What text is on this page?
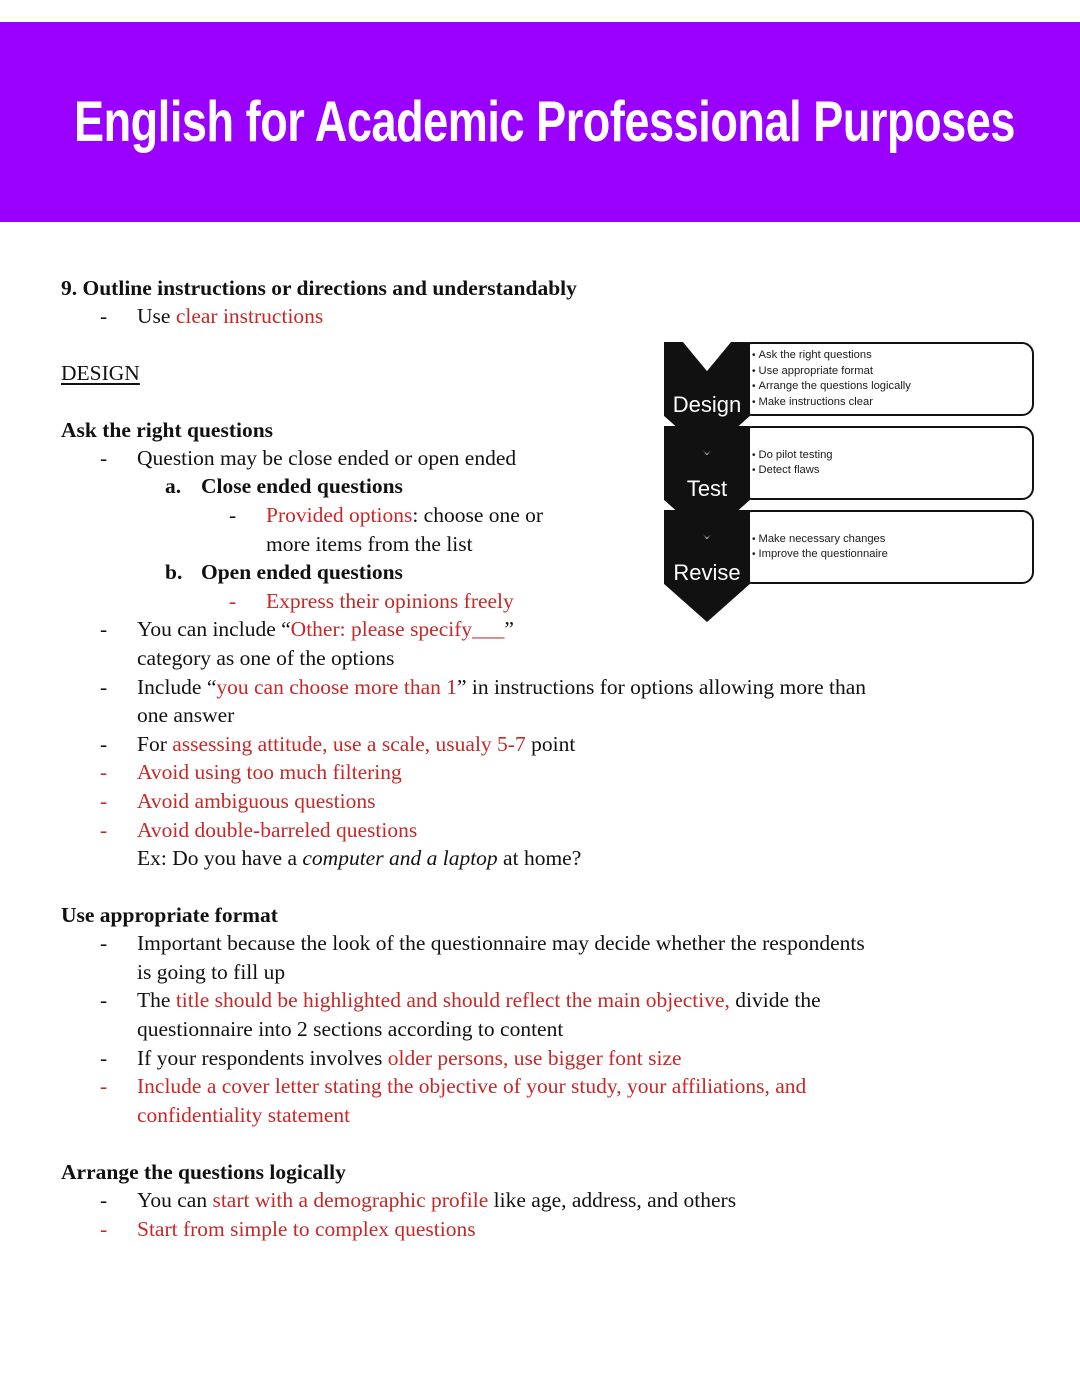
English for Academic Professional Purposes
• Ask the right questions
• Use appropriate format
• Arrange the questions logically
• Make instructions clear
Design
• Do pilot testing
• Detect flaws
Test
• Make necessary changes
• Improve the questionnaire
Revise
9. Outline instructions or directions and understandably
- Use clear instructions
DESIGN
Ask the right questions
- Question may be close ended or open ended
a. Close ended questions
- Provided options: choose one or
more items from the list
b. Open ended questions
- Express their opinions freely
- You can include “Other: please specify___”
category as one of the options
- Include “you can choose more than 1” in instructions for options allowing more than
one answer
- For assessing attitude, use a scale, usualy 5-7 point
- Avoid using too much filtering
- Avoid ambiguous questions
- Avoid double-barreled questions
Ex: Do you have a computer and a laptop at home?
Use appropriate format
- Important because the look of the questionnaire may decide whether the respondents
is going to fill up
- The title should be highlighted and should reflect the main objective, divide the
questionnaire into 2 sections according to content
- If your respondents involves older persons, use bigger font size
- Include a cover letter stating the objective of your study, your affiliations, and
confidentiality statement
Arrange the questions logically
- You can start with a demographic profile like age, address, and others
- Start from simple to complex questions
